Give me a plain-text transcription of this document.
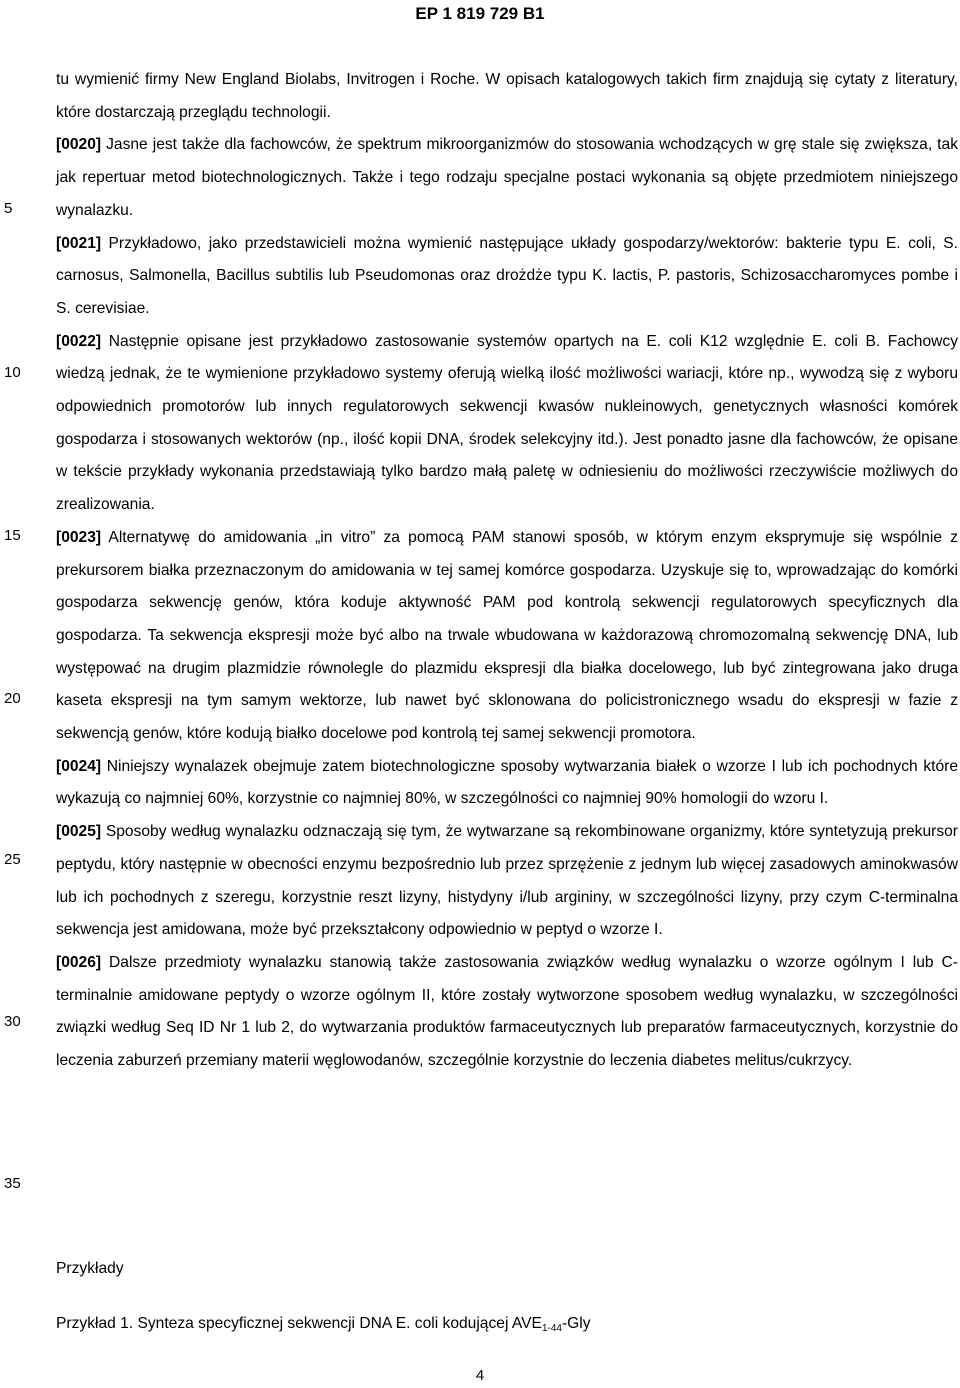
EP 1 819 729 B1
5
10
15
20
25
30
35

tu wymienić firmy New England Biolabs, Invitrogen i Roche. W opisach katalogowych takich firm znajdują się cytaty z literatury, które dostarczają przeglądu technologii.

[0020] Jasne jest także dla fachowców, że spektrum mikroorganizmów do stosowania wchodzących w grę stale się zwiększa, tak jak repertuar metod biotechnologicznych. Także i tego rodzaju specjalne postaci wykonania są objęte przedmiotem niniejszego wynalazku.

[0021] Przykładowo, jako przedstawicieli można wymienić następujące układy gospodarzy/wektorów: bakterie typu E. coli, S. carnosus, Salmonella, Bacillus subtilis lub Pseudomonas oraz drożdże typu K. lactis, P. pastoris, Schizosaccharomyces pombe i S. cerevisiae.

[0022] Następnie opisane jest przykładowo zastosowanie systemów opartych na E. coli K12 względnie E. coli B. Fachowcy wiedzą jednak, że te wymienione przykładowo systemy oferują wielką ilość możliwości wariacji, które np., wywodzą się z wyboru odpowiednich promotorów lub innych regulatorowych sekwencji kwasów nukleinowych, genetycznych własności komórek gospodarza i stosowanych wektorów (np., ilość kopii DNA, środek selekcyjny itd.). Jest ponadto jasne dla fachowców, że opisane w tekście przykłady wykonania przedstawiają tylko bardzo małą paletę w odniesieniu do możliwości rzeczywiście możliwych do zrealizowania.

[0023] Alternatywę do amidowania „in vitro” za pomocą PAM stanowi sposób, w którym enzym eksprymuje się wspólnie z prekursorem białka przeznaczonym do amidowania w tej samej komórce gospodarza. Uzyskuje się to, wprowadzając do komórki gospodarza sekwencję genów, która koduje aktywność PAM pod kontrolą sekwencji regulatorowych specyficznych dla gospodarza. Ta sekwencja ekspresji może być albo na trwale wbudowana w każdorazową chromozomalną sekwencję DNA, lub występować na drugim plazmidzie równolegle do plazmidu ekspresji dla białka docelowego, lub być zintegrowana jako druga kaseta ekspresji na tym samym wektorze, lub nawet być sklonowana do policistronicznego wsadu do ekspresji w fazie z sekwencją genów, które kodują białko docelowe pod kontrolą tej samej sekwencji promotora.

[0024] Niniejszy wynalazek obejmuje zatem biotechnologiczne sposoby wytwarzania białek o wzorze I lub ich pochodnych które wykazują co najmniej 60%, korzystnie co najmniej 80%, w szczególności co najmniej 90% homologii do wzoru I.

[0025] Sposoby według wynalazku odznaczają się tym, że wytwarzane są rekombinowane organizmy, które syntetyzują prekursor peptydu, który następnie w obecności enzymu bezpośrednio lub przez sprzężenie z jednym lub więcej zasadowych aminokwasów lub ich pochodnych z szeregu, korzystnie reszt lizyny, histydyny i/lub argininy, w szczególności lizyny, przy czym C-terminalna sekwencja jest amidowana, może być przekształcony odpowiednio w peptyd o wzorze I.

[0026] Dalsze przedmioty wynalazku stanowią także zastosowania związków według wynalazku o wzorze ogólnym I lub C-terminalnie amidowane peptydy o wzorze ogólnym II, które zostały wytworzone sposobem według wynalazku, w szczególności związki według Seq ID Nr 1 lub 2, do wytwarzania produktów farmaceutycznych lub preparatów farmaceutycznych, korzystnie do leczenia zaburzeń przemiany materii węglowodanów, szczególnie korzystnie do leczenia diabetes melitus/cukrzycy.

Przykłady
Przykład 1. Synteza specyficznej sekwencji DNA E. coli kodującej $AVE_{1-44}$-Gly
4
